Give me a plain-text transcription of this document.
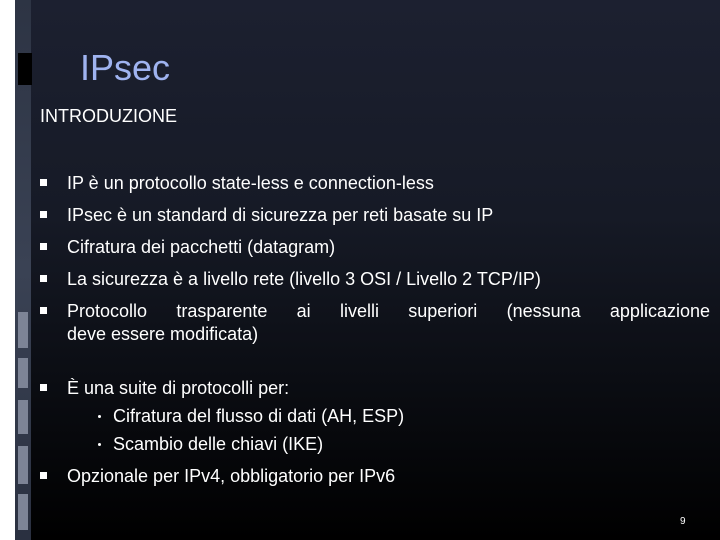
IPsec
INTRODUZIONE
IP è un protocollo state-less e connection-less
IPsec è un standard di sicurezza per reti basate su IP
Cifratura dei pacchetti (datagram)
La sicurezza è a livello rete (livello 3 OSI / Livello 2 TCP/IP)
Protocollo trasparente ai livelli superiori (nessuna applicazione
deve essere modificata)
È una suite di protocolli per:
Cifratura del flusso di dati (AH, ESP)
Scambio delle chiavi (IKE)
Opzionale per IPv4, obbligatorio per IPv6
9
